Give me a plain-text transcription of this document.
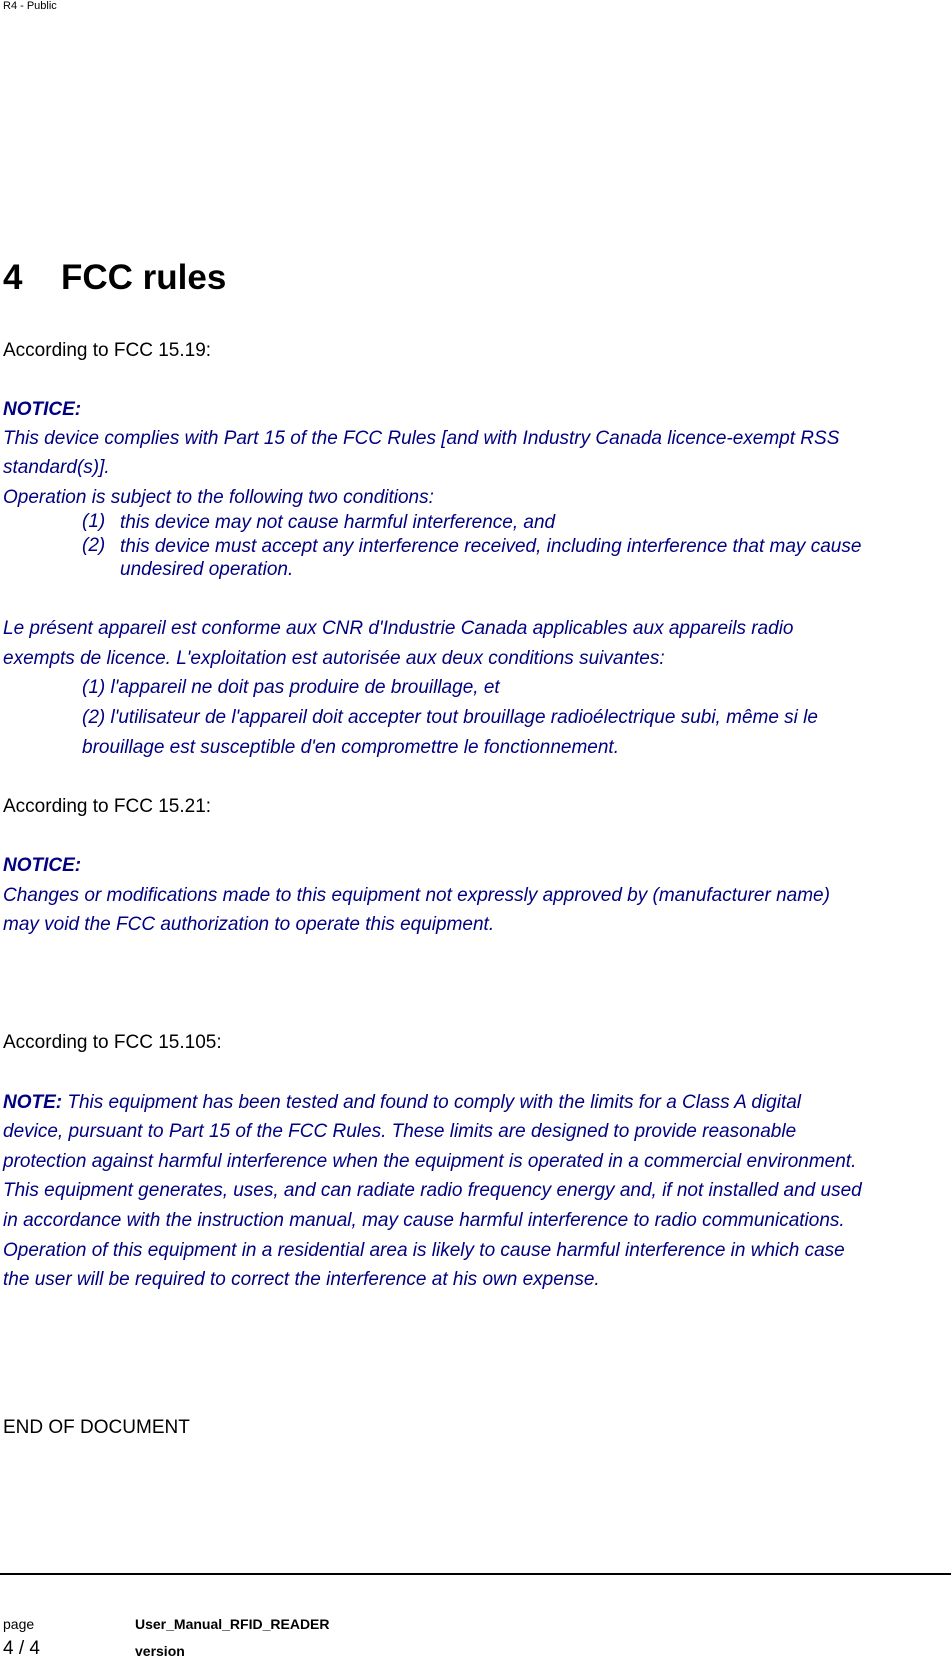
R4 - Public
4 FCC rules
According to FCC 15.19:
NOTICE:
This device complies with Part 15 of the FCC Rules [and with Industry Canada licence-exempt RSS
standard(s)].
Operation is subject to the following two conditions:
(1) this device may not cause harmful interference, and
(2) this device must accept any interference received, including interference that may cause undesired operation.
Le présent appareil est conforme aux CNR d'Industrie Canada applicables aux appareils radio
exempts de licence. L'exploitation est autorisée aux deux conditions suivantes:
(1) l'appareil ne doit pas produire de brouillage, et
(2) l'utilisateur de l'appareil doit accepter tout brouillage radioélectrique subi, même si le
brouillage est susceptible d'en compromettre le fonctionnement.
According to FCC 15.21:
NOTICE:
Changes or modifications made to this equipment not expressly approved by (manufacturer name)
may void the FCC authorization to operate this equipment.
According to FCC 15.105:
NOTE: This equipment has been tested and found to comply with the limits for a Class A digital
device, pursuant to Part 15 of the FCC Rules. These limits are designed to provide reasonable
protection against harmful interference when the equipment is operated in a commercial environment.
This equipment generates, uses, and can radiate radio frequency energy and, if not installed and used
in accordance with the instruction manual, may cause harmful interference to radio communications.
Operation of this equipment in a residential area is likely to cause harmful interference in which case
the user will be required to correct the interference at his own expense.
END OF DOCUMENT
page	User_Manual_RFID_READER
4 / 4	version
